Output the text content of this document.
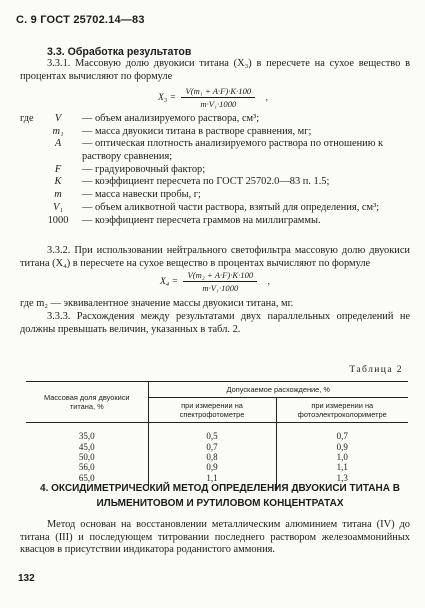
С. 9 ГОСТ 25702.14—83
3.3. Обработка результатов
3.3.1. Массовую долю двуокиси титана (X₃) в пересчете на сухое вещество в процентах вычисляют по формуле
$X_3 = \frac{\text{V(m₁ + A·F)·K·100}}{\text{m·V₁·1000}}$ ,
где	V	— объем анализируемого раствора, см³;
m₁	— масса двуокиси титана в растворе сравнения, мг;
A	— оптическая плотность анализируемого раствора по отношению к раствору сравнения;
F	— градуировочный фактор;
K	— коэффициент пересчета по ГОСТ 25702.0—83 п. 1.5;
m	— масса навески пробы, г;
V₁	— объем аликвотной части раствора, взятый для определения, см³;
1000	— коэффициент пересчета граммов на миллиграммы.
3.3.2. При использовании нейтрального светофильтра массовую долю двуокиси титана (X₄) в пересчете на сухое вещество в процентах вычисляют по формуле
$X_4 = \frac{\text{V(m₂ + A·F)·K·100}}{\text{m·V₁·1000}}$ ,
где m₂ — эквивалентное значение массы двуокиси титана, мг.
3.3.3. Расхождения между результатами двух параллельных определений не должны превышать величин, указанных в табл. 2.
Таблица 2
Массовая доля двуокиси титана, %	Допускаемое расхождение, %	
	при измерении на спектрофотометре	при измерении на фотоэлектроколориметре

35,0	0,5	0,7
45,0	0,7	0,9
50,0	0,8	1,0
56,0	0,9	1,1
65,0	1,1	1,3

4. ОКСИДИМЕТРИЧЕСКИЙ МЕТОД ОПРЕДЕЛЕНИЯ ДВУОКИСИ ТИТАНА В ИЛЬМЕНИТОВОМ И РУТИЛОВОМ КОНЦЕНТРАТАХ
Метод основан на восстановлении металлическим алюминием титана (IV) до титана (III) и последующем титровании последнего раствором железоаммонийных квасцов в присутствии индикатора роданистого аммония.
132
